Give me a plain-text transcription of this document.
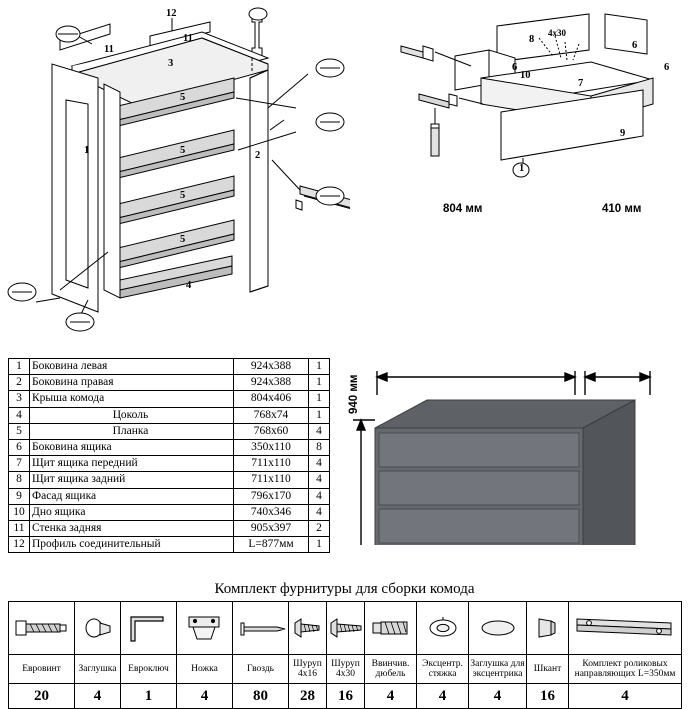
12
11
11
3
5
5
5
5
1	2
4
8
6
6	6
10
7
9
1
4x30
804 мм	410 мм
940 мм
1	Боковина левая	924x388	1
2	Боковина правая	924x388	1
3	Крыша комода	804x406	1
4	Цоколь	768x74	1
5	Планка	768x60	4
6	Боковина ящика	350x110	8
7	Щит ящика передний	711x110	4
8	Щит ящика задний	711x110	4
9	Фасад ящика	796x170	4
10	Дно ящика	740x346	4
11	Стенка задняя	905x397	2
12	Профиль соединительный	L=877мм	1
Комплект фурнитуры для сборки комода

Евровинт	Заглушка	Евроключ	Ножка	Гвоздь	Шуруп 4x16	Шуруп 4x30	Ввинчив. дюбель	Эксцентр. стяжка	Заглушка для эксцентрика	Шкант	Комплект роликовых направляющих L=350мм
20	4	1	4	80	28	16	4	4	4	16	4
